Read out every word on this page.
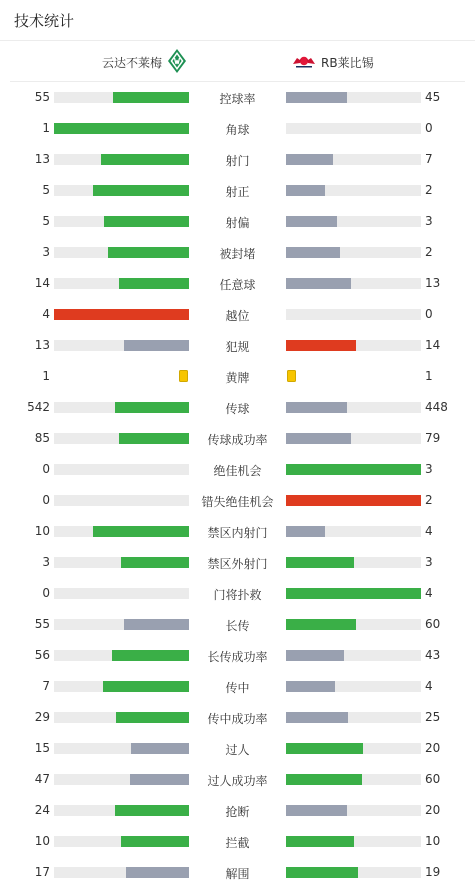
技术统计
云达不莱梅	RB莱比锡
55	控球率	45
1	角球	0
13	射门	7
5	射正	2
5	射偏	3
3	被封堵	2
14	任意球	13
4	越位	0
13	犯规	14
1	黄牌	1
542	传球	448
85	传球成功率	79
0	绝佳机会	3
0	错失绝佳机会	2
10	禁区内射门	4
3	禁区外射门	3
0	门将扑救	4
55	长传	60
56	长传成功率	43
7	传中	4
29	传中成功率	25
15	过人	20
47	过人成功率	60
24	抢断	20
10	拦截	10
17	解围	19
